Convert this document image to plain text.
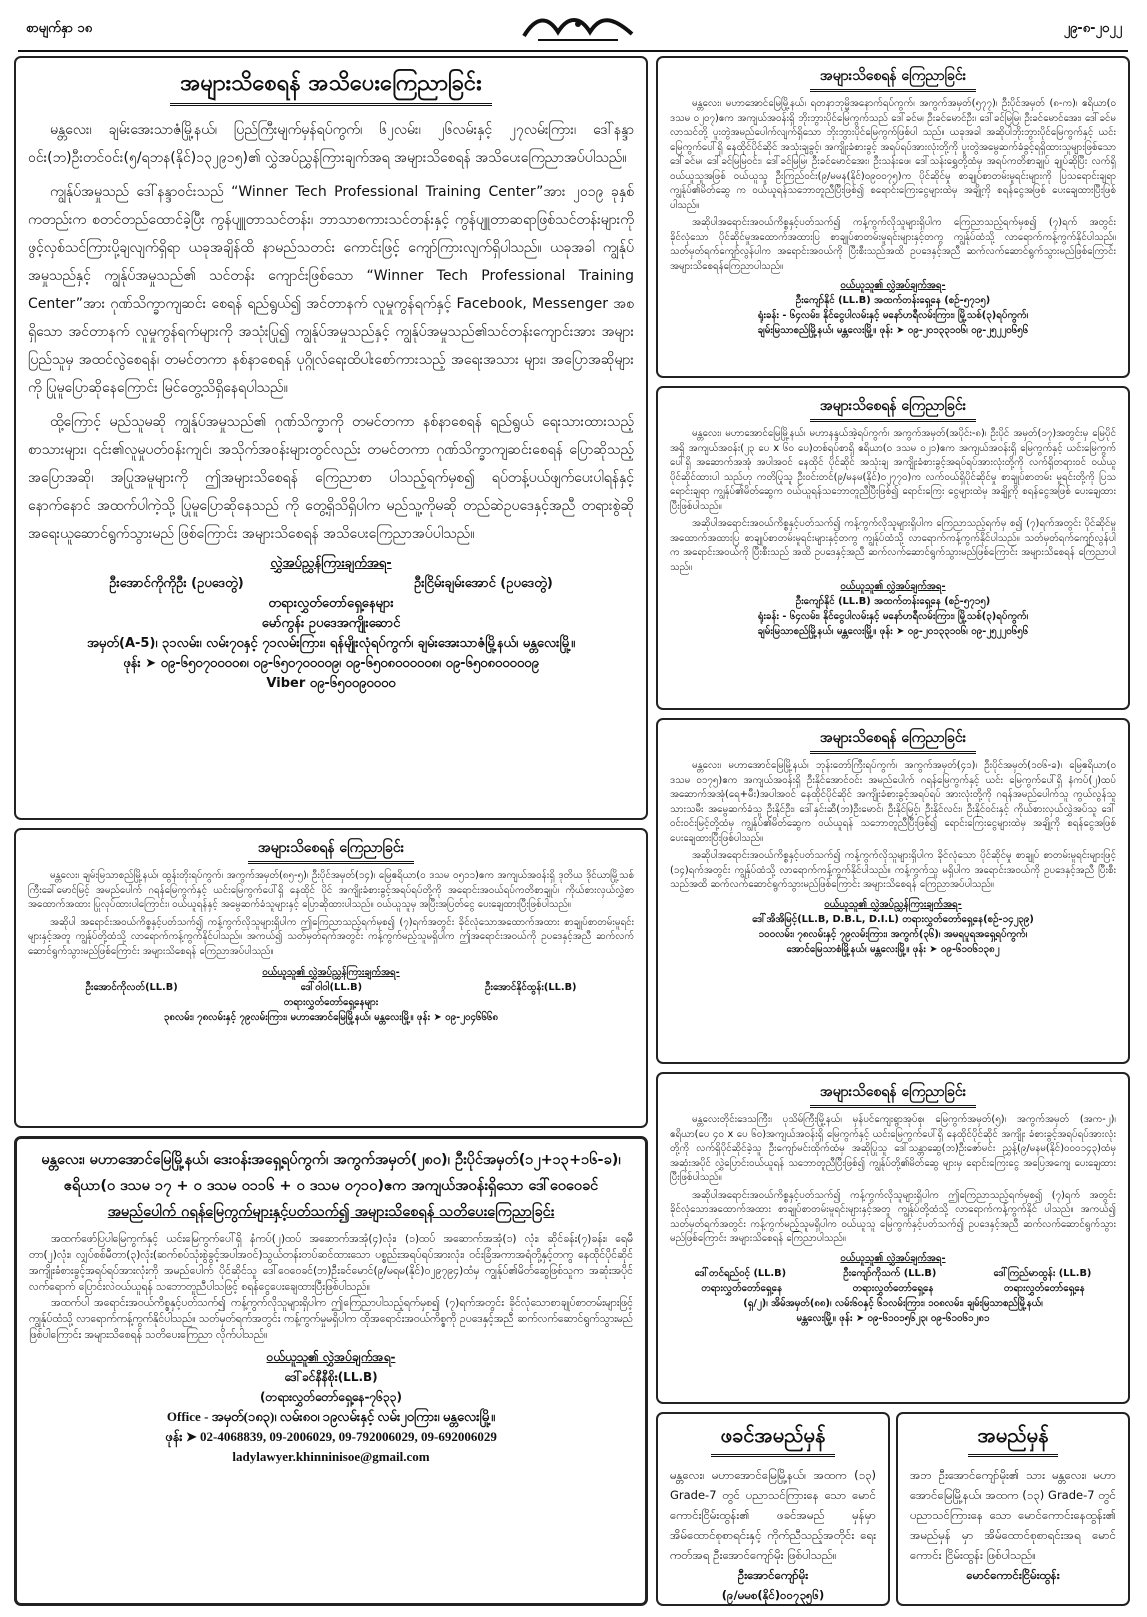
စာမျက်နှာ ၁၈	၂၉-၈-၂၀၂၂
အများသိစေရန် အသိပေးကြေညာခြင်း

မန္တလေး၊ ချမ်းအေးသာဇံမြို့နယ်၊ ပြည်ကြီးမျက်မှန်ရပ်ကွက်၊ ၆၂လမ်း၊ ၂၆လမ်းနှင့် ၂၇လမ်းကြား၊ ဒေါ်နန္ဒာဝင်း(ဘ)ဦးတင်ဝင်း(၅/ရဘန(နိုင်)၁၃၂၉၁၅)၏ လွှဲအပ်ညွှန်ကြားချက်အရ အများသိစေရန် အသိပေးကြေညာအပ်ပါသည်။

ကျွန်ုပ်အမှုသည် ဒေါ်နန္ဒာဝင်းသည် “Winner Tech Professional Training Center”အား ၂၀၁၉ ခုနှစ်ကတည်းက စတင်တည်ထောင်ခဲ့ပြီး ကွန်ပျူတာသင်တန်း၊ ဘာသာစကားသင်တန်းနှင့် ကွန်ပျူတာဆရာဖြစ်သင်တန်းများကို ဖွင့်လှစ်သင်ကြားပို့ချလျက်ရှိရာ ယခုအချိန်ထိ နာမည်သတင်း ကောင်းဖြင့် ကျော်ကြားလျက်ရှိပါသည်။ ယခုအခါ ကျွန်ုပ်အမှုသည်နှင့် ကျွန်ုပ်အမှုသည်၏ သင်တန်း ကျောင်းဖြစ်သော “Winner Tech Professional Training Center”အား ဂုဏ်သိက္ခာကျဆင်း စေရန် ရည်ရွယ်၍ အင်တာနက် လူမှုကွန်ရက်နှင့် Facebook, Messenger အစရှိသော အင်တာနက် လူမှုကွန်ရက်များကို အသုံးပြု၍ ကျွန်ုပ်အမှုသည်နှင့် ကျွန်ုပ်အမှုသည်၏သင်တန်းကျောင်းအား အများ ပြည်သူမှ အထင်လွဲစေရန်၊ တမင်တကာ နစ်နာစေရန် ပုဂ္ဂိုလ်ရေးထိပါးစော်ကားသည့် အရေးအသား များ၊ အပြောအဆိုများကို ပြုမူပြောဆိုနေကြောင်း မြင်တွေ့သိရှိနေရပါသည်။

ထို့ကြောင့် မည်သူမဆို ကျွန်ုပ်အမှုသည်၏ ဂုဏ်သိက္ခာကို တမင်တကာ နစ်နာစေရန် ရည်ရွယ် ရေးသားထားသည့် စာသားများ၊ ၎င်း၏လူမှုပတ်ဝန်းကျင်၊ အသိုက်အဝန်းများတွင်လည်း တမင်တကာ ဂုဏ်သိက္ခာကျဆင်းစေရန် ပြောဆိုသည့် အပြောအဆို၊ အပြုအမူများကို ဤအများသိစေရန် ကြေညာစာ ပါသည့်ရက်မှစ၍ ရပ်တန့်ပယ်ဖျက်ပေးပါရန်နှင့် နောက်နောင် အထက်ပါကဲ့သို့ ပြုမူပြောဆိုနေသည် ကို တွေ့ရှိသိရှိပါက မည်သူ့ကိုမဆို တည်ဆဲဥပဒေနှင့်အညီ တရားစွဲဆို အရေးယူဆောင်ရွက်သွားမည် ဖြစ်ကြောင်း အများသိစေရန် အသိပေးကြေညာအပ်ပါသည်။

လွှဲအပ်ညွှန်ကြားချက်အရ-
ဦးအောင်ကိုကိုဦး (ဥပဒေတွဲ)	ဦးငြိမ်းချမ်းအောင် (ဥပဒေတွဲ)
တရားလွှတ်တော်ရှေ့နေများ
မော်ကွန်း ဥပဒေအကျိုးဆောင်
အမှတ်(A-5)၊ ၃၁လမ်း၊ လမ်း၇၀နှင့် ၇၁လမ်းကြား၊ ရန်မျိုးလုံရပ်ကွက်၊ ချမ်းအေးသာဇံမြို့နယ်၊ မန္တလေးမြို့။
ဖုန်း ➤ ၀၉-၆၅၀၇၀၀၀၀၈၊ ၀၉-၆၅၀၇၀၀၀၀၉၊ ၀၉-၆၅၀၈၀၀၀၀၀၈၊ ၀၉-၆၅၀၈၀၀၀၀၀၉
Viber ၀၉-၆၅၀၀၉၀၀၀၀
အများသိစေရန် ကြေညာခြင်း

မန္တလေး၊ ချမ်းမြသာစည်မြို့နယ်၊ ထွန်းတိုးရပ်ကွက်၊ အကွက်အမှတ်(၈၅-၅)၊ ဦးပိုင်အမှတ်(၁၄)၊ မြေဧရိယာ(၀ ဒသမ ၀၅၁၁)ဧက အကျယ်အဝန်းရှိ ဒုတိယ ဒိုင်ယာမြို့သစ်ကြီးခေါ်မောင်မြင့် အမည်ပေါက် ဂရန်မြေကွက်နှင့် ယင်းမြေကွက်ပေါ်ရှိ နေထိုင် ပိုင် အကျိုးခံစားခွင့်အရပ်ရပ်တို့ကို အရောင်းအဝယ်ရပ်ကတိစာချုပ်၊ ကိုယ်စားလှယ်လွှဲစာအထောက်အထား ပြုလုပ်ထားပါကြောင်း၊ ဝယ်ယူရန်နှင့် အမွေဆက်ခံသူများနှင့် ပြောဆိုထားပါသည်။ ဝယ်ယူသူမှ အပြီးအပြတ်ငွေ ပေးချေထားပြီးဖြစ်ပါသည်။

အဆိုပါ အရောင်းအဝယ်ကိစ္စနှင့်ပတ်သက်၍ ကန့်ကွက်လိုသူများရှိပါက ဤကြေညာသည့်ရက်မှစ၍ (၇)ရက်အတွင်း ခိုင်လုံသောအထောက်အထား စာချုပ်စာတမ်းမူရင်းများနှင့်အတူ ကျွန်ုပ်တို့ထံသို့ လာရောက်ကန့်ကွက်နိုင်ပါသည်။ အကယ်၍ သတ်မှတ်ရက်အတွင်း ကန့်ကွက်မည့်သူမရှိပါက ဤအရောင်းအဝယ်ကို ဥပဒေနှင့်အညီ ဆက်လက်ဆောင်ရွက်သွားမည်ဖြစ်ကြောင်း အများသိစေရန် ကြေညာအပ်ပါသည်။

ဝယ်ယူသူ၏ လွှဲအပ်ညွှန်ကြားချက်အရ-
ဦးအောင်ကိုလတ်(LL.B)	ဒေါ်ဝါဝါ(LL.B)	ဦးအောင်နိုင်ထွန်း(LL.B)
တရားလွှတ်တော်ရှေ့နေများ
၃၈လမ်း၊ ၇၈လမ်းနှင့် ၇၉လမ်းကြား၊ မဟာအောင်မြေမြို့နယ်၊ မန္တလေးမြို့။ ဖုန်း ➤ ၀၉-၂၀၄၆၆၆၈
မန္တလေး၊ မဟာအောင်မြေမြို့နယ်၊ ဒေးဝန်းအရှေ့ရပ်ကွက်၊ အကွက်အမှတ်(၂၈၀)၊ ဦးပိုင်အမှတ်(၁၂+၁၃+၁၆-ခ)၊
ဧရိယာ(၀ ဒသမ ၁၇ + ၀ ဒသမ ၀၁၁၆ + ၀ ဒသမ ၀၇၁၀)ဧက အကျယ်အဝန်းရှိသော ဒေါ်ဝေဝေခင်
အမည်ပေါက် ဂရန်မြေကွက်များနှင့်ပတ်သက်၍ အများသိစေရန် သတိပေးကြေညာခြင်း

အထက်ဖော်ပြပါမြေကွက်နှင့် ယင်းမြေကွက်ပေါ်ရှိ နံကပ်(၂)ထပ် အဆောက်အအုံ(၄)လုံး၊ (၁)ထပ် အဆောက်အအုံ(၁) လုံး၊ ဆိုင်ခန်း(၇)ခန်း၊ ရေမီတာ(၂)လုံး၊ လျှပ်စစ်မီတာ(၃)လုံး(ဆက်စပ်သုံးစွဲခွင့်အပါအဝင်)သွယ်တန်းတပ်ဆင်ထားသော ပစ္စည်းအရပ်ရပ်အားလုံး၊ ဝင်းခြံအကာအရံတို့နှင့်တကွ နေထိုင်ပိုင်ဆိုင် အကျိုးခံစားခွင့်အရပ်ရပ်အားလုံးကို အမည်ပေါက် ပိုင်ဆိုင်သူ ဒေါ်ဝေဝေခင်(ဘ)ဦးခင်မောင်(၉/မရမ(နိုင်)၀၂၉၇၉၄)ထံမှ ကျွန်ုပ်၏မိတ်ဆွေဖြစ်သူက အဆုံးအပိုင် လက်ရောက် ပြောင်းလဲဝယ်ယူရန် သဘောတူညီပါသဖြင့် စရန်ငွေပေးချေထားပြီးဖြစ်ပါသည်။

အထက်ပါ အရောင်းအဝယ်ကိစ္စနှင့်ပတ်သက်၍ ကန့်ကွက်လိုသူများရှိပါက ဤကြေညာပါသည့်ရက်မှစ၍ (၇)ရက်အတွင်း ခိုင်လုံသောစာချုပ်စာတမ်းများဖြင့် ကျွန်ုပ်ထံသို့ လာရောက်ကန့်ကွက်နိုင်ပါသည်။ သတ်မှတ်ရက်အတွင်း ကန့်ကွက်မှုမရှိပါက ထိုအရောင်းအဝယ်ကိစ္စကို ဥပဒေနှင့်အညီ ဆက်လက်ဆောင်ရွက်သွားမည်ဖြစ်ပါကြောင်း အများသိစေရန် သတိပေးကြေညာ လိုက်ပါသည်။

ဝယ်ယူသူ၏ လွှဲအပ်ချက်အရ-
ဒေါ်ခင်နီနီစိုး(LL.B)
(တရားလွှတ်တော်ရှေ့နေ-၇၆၃၃)
Office - အမှတ်(၁၈၃)၊ လမ်း၈၀၊ ၁၉လမ်းနှင့် လမ်း၂၀ကြား၊ မန္တလေးမြို့။
ဖုန်း ➤ 02-4068839, 09-2006029, 09-792006029, 09-692006029
ladylawyer.khinninisoe@gmail.com
အများသိစေရန် ကြေညာခြင်း

မန္တလေး၊ မဟာအောင်မြေမြို့နယ်၊ ရတနာဘုမ္မိအနောက်ရပ်ကွက်၊ အကွက်အမှတ်(၅၇၇)၊ ဦးပိုင်အမှတ် (၈-က)၊ ဧရိယာ(၀ ဒသမ ၀၂၀၇)ဧက အကျယ်အဝန်းရှိ ဘိုးဘွားပိုင်မြေကွက်သည် ဒေါ်ခင်မ၊ ဦးခင်မောင်ဦး၊ ဒေါ်ခင်မြမြ၊ ဦးခင်မောင်အေး၊ ဒေါ်ခင်မလာသင်တို့ ပူးတွဲအမည်ပေါက်လျက်ရှိသော ဘိုးဘွားပိုင်မြေကွက်ဖြစ်ပါ သည်။ ယခုအခါ အဆိုပါဘိုးဘွားပိုင်မြေကွက်နှင့် ယင်းမြေကွက်ပေါ်ရှိ နေထိုင်ပိုင်ဆိုင် အသုံးချခွင့်၊ အကျိုးခံစားခွင့် အရပ်ရပ်အားလုံးတို့ကို ပူးတွဲအမွေဆက်ခံခွင့်ရရှိထားသူများဖြစ်သော ဒေါ်ခင်မ၊ ဒေါ်ခင်မြမြဝင်း၊ ဒေါ်ခင်မြမြ၊ ဦးခင်မောင်အေး၊ ဦးသန်းဖေ၊ ဒေါ်သန်းရွှေတို့ထံမှ အရပ်ကတိစာချုပ် ချုပ်ဆိုပြီး လက်ရှိဝယ်ယူသူအဖြစ် ဝယ်ယူသူ ဦးကြည်ဝင်း(၉/မမန(နိုင်)၀၉၀၀၇၅)က ပိုင်ဆိုင်မှု စာချုပ်စာတမ်းမူရင်းများကို ပြသရောင်းချရာ ကျွန်ုပ်၏မိတ်ဆွေ က ဝယ်ယူရန်သဘောတူညီပြီးဖြစ်၍ စရောင်းကြေးငွေများထဲမှ အချို့ကို စရန်ငွေအဖြစ် ပေးချေထားပြီးဖြစ်ပါသည်။

အဆိုပါအရောင်းအဝယ်ကိစ္စနှင့်ပတ်သက်၍ ကန့်ကွက်လိုသူများရှိပါက ကြေညာသည့်ရက်မှစ၍ (၇)ရက် အတွင်း ခိုင်လုံသော ပိုင်ဆိုင်မှုအထောက်အထားပြ စာချုပ်စာတမ်းမူရင်းများနှင့်တကွ ကျွန်ုပ်ထံသို့ လာရောက်ကန့်ကွက်နိုင်ပါသည်။ သတ်မှတ်ရက်ကျော်လွန်ပါက အရောင်းအဝယ်ကို ပြီးစီးသည်အထိ ဥပဒေနှင့်အညီ ဆက်လက်ဆောင်ရွက်သွားမည်ဖြစ်ကြောင်း အများသိစေရန်ကြေညာပါသည်။

ဝယ်ယူသူ၏ လွှဲအပ်ချက်အရ-
ဦးကျော်နိုင် (LL.B) အထက်တန်းရှေ့နေ (စဥ်-၅၇၁၅)
ရုံးခန်း - ၆၄လမ်း၊ နိုင်ငွေပါလမ်းနှင့် မနော်ဟရီလမ်းကြား၊ မြို့သစ်(၃)ရပ်ကွက်၊
ချမ်းမြသာစည်မြို့နယ်၊ မန္တလေးမြို့။ ဖုန်း ➤ ၀၉-၂၀၁၃၃၁၀၆၊ ၀၉-၂၅၂၂၀၆၅၆
အများသိစေရန် ကြေညာခြင်း

မန္တလေး၊ မဟာအောင်မြေမြို့နယ်၊ မဟာနန္ဒယ်အဲ့ရပ်ကွက်၊ အကွက်အမှတ်(အပိုင်း-၈)၊ ဦးပိုင် အမှတ်(၁၇)အတွင်းမှ မြေပိုင်အရှိ အကျယ်အဝန်း(၂၃ ပေ x ၆၀ ပေ)တစ်ရပ်စာရှိ ဧရိယာ(၀ ဒသမ ၀၂၁)ဧက အကျယ်အဝန်းရှိ မြေကွက်နှင့် ယင်းမြေကွက်ပေါ်ရှိ အဆောက်အအုံ အပါအဝင် နေထိုင် ပိုင်ဆိုင် အသုံးချ အကျိုးခံစားခွင့်အရပ်ရပ်အားလုံးတို့ကို လက်ရှိတရားဝင် ဝယ်ယူပိုင်ဆိုင်ထားပါ သည်ဟု ကတိပြုသူ ဦးဝင်းတင်(၉/မနမ(နိုင်)၀၂၇၇၀)က လက်ဝယ်ရှိပိုင်ဆိုင်မှု စာချုပ်စာတမ်း မူရင်းတို့ကို ပြသရောင်းချရာ ကျွန်ုပ်၏မိတ်ဆွေက ဝယ်ယူရန်သဘောတူညီပြီးဖြစ်၍ ရောင်းကြေး ငွေများထဲမှ အချို့ကို စရန်ငွေအဖြစ် ပေးချေထားပြီးဖြစ်ပါသည်။

အဆိုပါအရောင်းအဝယ်ကိစ္စနှင့်ပတ်သက်၍ ကန့်ကွက်လိုသူများရှိပါက ကြေညာသည့်ရက်မှ စ၍ (၇)ရက်အတွင်း ပိုင်ဆိုင်မှုအထောက်အထားပြ စာချုပ်စာတမ်းမူရင်းများနှင့်တကွ ကျွန်ုပ်ထံသို့ လာရောက်ကန့်ကွက်နိုင်ပါသည်။ သတ်မှတ်ရက်ကျော်လွန်ပါက အရောင်းအဝယ်ကို ပြီးစီးသည် အထိ ဥပဒေနှင့်အညီ ဆက်လက်ဆောင်ရွက်သွားမည်ဖြစ်ကြောင်း အများသိစေရန် ကြေညာပါ သည်။

ဝယ်ယူသူ၏ လွှဲအပ်ချက်အရ-
ဦးကျော်နိုင် (LL.B) အထက်တန်းရှေ့နေ (စဥ်-၅၇၁၅)
ရုံးခန်း - ၆၄လမ်း၊ နိုင်ငွေပါလမ်းနှင့် မနော်ဟရီလမ်းကြား၊ မြို့သစ်(၃)ရပ်ကွက်၊
ချမ်းမြသာစည်မြို့နယ်၊ မန္တလေးမြို့။ ဖုန်း ➤ ၀၉-၂၀၁၃၃၁၀၆၊ ၀၉-၂၅၂၂၀၆၅၆
အများသိစေရန် ကြေညာခြင်း

မန္တလေး၊ မဟာအောင်မြေမြို့နယ်၊ ဘုန်းတော်ကြီးရပ်ကွက်၊ အကွက်အမှတ်(၄၁)၊ ဦးပိုင်အမှတ်(၁၀၆-ခ)၊ မြေဧရိယာ(၀ ဒသမ ၀၁၇၅)ဧက အကျယ်အဝန်းရှိ ဦးနိုင်အောင်ဝင်း အမည်ပေါက် ဂရန်မြေကွက်နှင့် ယင်း မြေကွက်ပေါ်ရှိ နံကပ်(၂)ထပ် အဆောက်အအုံ(ရေ+မီး)အပါအဝင် နေထိုင်ပိုင်ဆိုင် အကျိုးခံစားခွင့်အရပ်ရပ် အားလုံးတို့ကို ဂရန်အမည်ပေါက်သူ ကွယ်လွန်သူသားသမီး အမွေဆက်ခံသူ ဦးနိုင်ဦး၊ ဒေါ်နှင်းဆီ(ဘ)ဦးမောင်၊ ဦးနိုင်မြင့်၊ ဦးနိုင်လင်း၊ ဦးနိုင်ဝင်းနှင့် ကိုယ်စားလှယ်လွှဲအပ်သူ ဒေါ်ဝင်းဝင်းမြင့်တို့ထံမှ ကျွန်ုပ်၏မိတ်ဆွေက ဝယ်ယူရန် သဘောတူညီပြီးဖြစ်၍ ရောင်းကြေးငွေများထဲမှ အချို့ကို စရန်ငွေအဖြစ် ပေးချေထားပြီးဖြစ်ပါသည်။

အဆိုပါအရောင်းအဝယ်ကိစ္စနှင့်ပတ်သက်၍ ကန့်ကွက်လိုသူများရှိပါက ခိုင်လုံသော ပိုင်ဆိုင်မှု စာချုပ် စာတမ်းမူရင်းများဖြင့် (၁၄)ရက်အတွင်း ကျွန်ုပ်ထံသို့ လာရောက်ကန့်ကွက်နိုင်ပါသည်။ ကန့်ကွက်သူ မရှိပါက အရောင်းအဝယ်ကို ဥပဒေနှင့်အညီ ပြီးစီးသည်အထိ ဆက်လက်ဆောင်ရွက်သွားမည်ဖြစ်ကြောင်း အများသိစေရန် ကြေညာအပ်ပါသည်။

ဝယ်ယူသူ၏ လွှဲအပ်ညွှန်ကြားချက်အရ-
ဒေါ်အိအိမြင့်(LL.B, D.B.L, D.I.L) တရားလွှတ်တော်ရှေ့နေ(စဥ်-၁၄၂၃၉)
၁၀၀လမ်း၊ ၇၈လမ်းနှင့် ၇၉လမ်းကြား၊ အကွက်(၃၆)၊ အမရပူရအရှေ့ရပ်ကွက်၊
အောင်မြေသာစံမြို့နယ်၊ မန္တလေးမြို့။ ဖုန်း ➤ ၀၉-၆၁၀၆၁၃၈၂
အများသိစေရန် ကြေညာခြင်း

မန္တလေးတိုင်းဒေသကြီး၊ ပုသိမ်ကြီးမြို့နယ်၊ မှန်ပင်ကျေးရွာအုပ်စု၊ မြေကွက်အမှတ်(၅)၊ အကွက်အမှတ် (အက-၂)၊ ဧရိယာ(ပေ ၄၀ x ပေ ၆၀)အကျယ်အဝန်းရှိ မြေကွက်နှင့် ယင်းမြေကွက်ပေါ်ရှိ နေထိုင်ပိုင်ဆိုင် အကျိုး ခံစားခွင့်အရပ်ရပ်အားလုံးတို့ကို လက်ရှိပိုင်ဆိုင်ခဲ့သူ ဦးကျော်မင်းထိုက်ထံမှ အဆိုပြုသူ ဒေါ်သန္တာဆွေ(ဘ)ဦးဇော်မင်း ညွှန့်(၉/မနမ(နိုင်)၀၀၀၁၄၃)ထံမှ အဆုံးအပိုင် လွှဲပြောင်းဝယ်ယူရန် သဘောတူညီပြီးဖြစ်၍ ကျွန်ုပ်တို့၏မိတ်ဆွေ များမှ ရောင်းကြေးငွေ အပြေအကျေ ပေးချေထားပြီးဖြစ်ပါသည်။

အဆိုပါအရောင်းအဝယ်ကိစ္စနှင့်ပတ်သက်၍ ကန့်ကွက်လိုသူများရှိပါက ဤကြေညာသည့်ရက်မှစ၍ (၇)ရက် အတွင်း ခိုင်လုံသောအထောက်အထား စာချုပ်စာတမ်းမူရင်းများနှင့်အတူ ကျွန်ုပ်တို့ထံသို့ လာရောက်ကန့်ကွက်နိုင် ပါသည်။ အကယ်၍ သတ်မှတ်ရက်အတွင်း ကန့်ကွက်မည့်သူမရှိပါက ဝယ်ယူသူ မြေကွက်နှင့်ပတ်သက်၍ ဥပဒေနှင့်အညီ ဆက်လက်ဆောင်ရွက်သွားမည်ဖြစ်ကြောင်း အများသိစေရန် ကြေညာပါသည်။

ဝယ်ယူသူ၏ လွှဲအပ်ချက်အရ-
ဒေါ်တင်ရည်ဝင့် (LL.B)	ဦးကျော်ကိုသက် (LL.B)	ဒေါ်ကြည်မာထွန်း (LL.B)
တရားလွှတ်တော်ရှေ့နေ	တရားလွှတ်တော်ရှေ့နေ	တရားလွှတ်တော်ရှေ့နေ
(ရှ/၂)၊ အိမ်အမှတ်(၈၈)၊ လမ်း၆၀နှင့် ၆၁လမ်းကြား၊ ၁၀၈လမ်း၊ ချမ်းမြသာစည်မြို့နယ်၊
မန္တလေးမြို့။ ဖုန်း ➤ ၀၉-၆၁၀၁၅၆၂၃၊ ၀၉-၆၁၀၆၁၂၈၁
ဖခင်အမည်မှန်

မန္တလေး၊ မဟာအောင်မြေမြို့နယ်၊ အထက (၁၃) Grade-7 တွင် ပညာသင်ကြားနေ သော မောင်ကောင်းငြိမ်းထွန်း၏ ဖခင်အမည် မှန်မှာ အိမ်ထောင်စုစာရင်းနှင့် ကိုက်ညီသည့်အတိုင်း ရေးကတ်အရ ဦးအောင်ကျော်မိုး ဖြစ်ပါသည်။

ဦးအောင်ကျော်မိုး
(၉/မမစ(နိုင်)၀၀၇၃၅၆)
အမည်မှန်

အဘ ဦးအောင်ကျော်မိုး၏ သား မန္တလေး၊ မဟာအောင်မြေမြို့နယ်၊ အထက (၁၃) Grade-7 တွင် ပညာသင်ကြားနေ သော မောင်ကောင်းနေထွန်း၏ အမည်မှန် မှာ အိမ်ထောင်စုစာရင်းအရ မောင်ကောင်း ငြိမ်းထွန်း ဖြစ်ပါသည်။

မောင်ကောင်းငြိမ်းထွန်း
